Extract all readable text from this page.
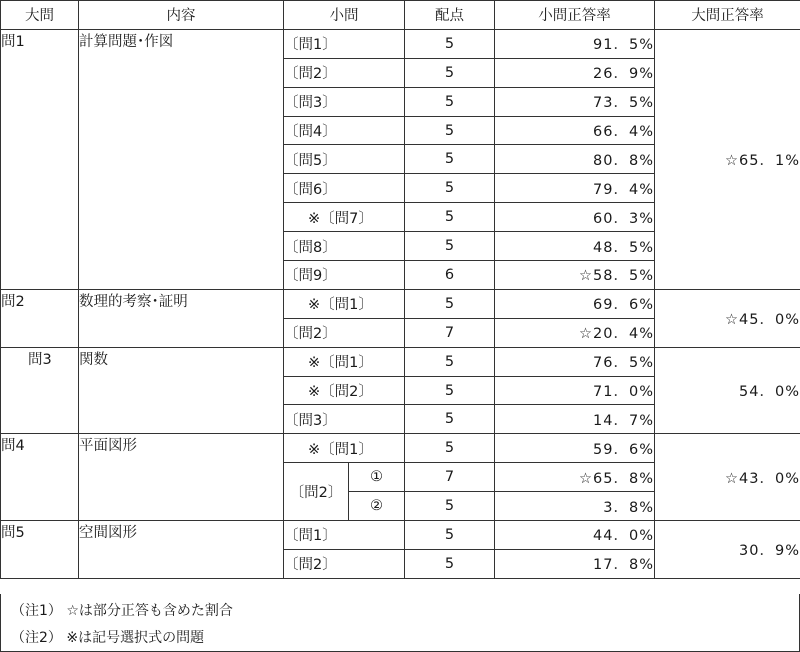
大問	内容	小問		配点	小問正答率	大問正答率
問1	計算問題･作図	〔問1〕		5	91．5%	☆65．1%
		〔問2〕		5	26．9%	
		〔問3〕		5	73．5%	
		〔問4〕		5	66．4%	
		〔問5〕		5	80．8%	
		〔問6〕		5	79．4%	
		※〔問7〕		5	60．3%	
		〔問8〕		5	48．5%	
		〔問9〕		6	☆58．5%	
問2	数理的考察･証明	※〔問1〕		5	69．6%	☆45．0%
		〔問2〕		7	☆20．4%	
問3	関数	※〔問1〕		5	76．5%	54．0%
		※〔問2〕		5	71．0%	
		〔問3〕		5	14．7%	
問4	平面図形	※〔問1〕		5	59．6%	☆43．0%
		〔問2〕	①	7	☆65．8%	
			②	5	3．8%	
問5	空間図形	〔問1〕		5	44．0%	30．9%
		〔問2〕		5	17．8%	
（注1） ☆は部分正答も含めた割合
（注2） ※は記号選択式の問題
